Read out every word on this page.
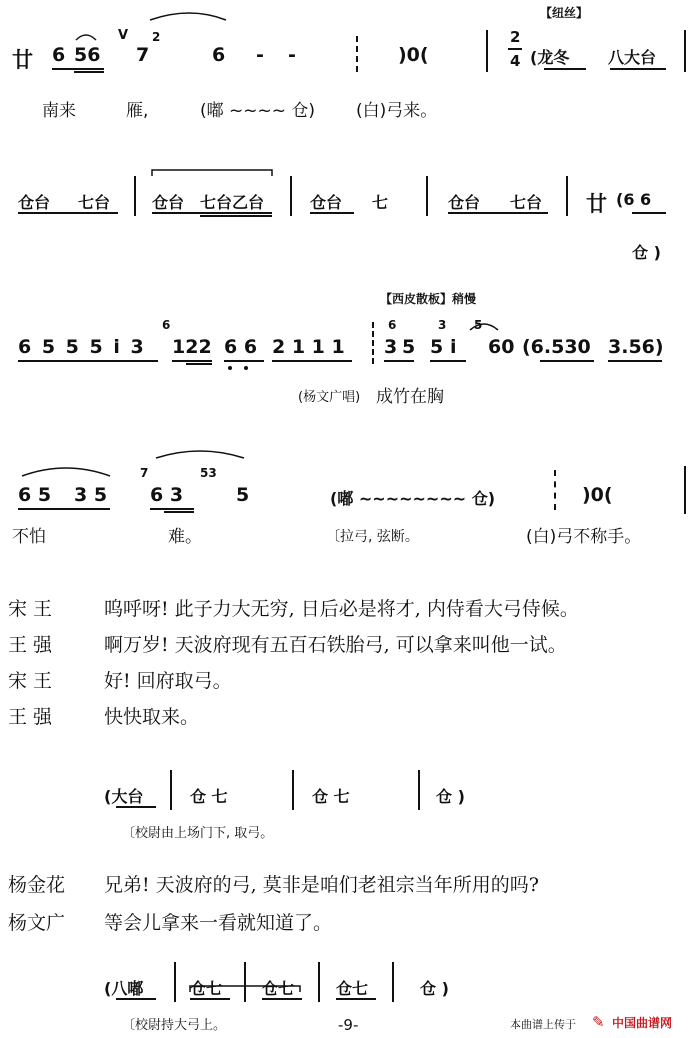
【纽丝】
廿 6 56
V
7
2
6 - -	)0(
2
4 (龙冬 八大台
南来	雁,	(嘟 ~~~~ 仓) (白)弓来。
仓台 七台	仓台 七台乙台	仓台 七	仓台 七台 廿 (6 6
仓 )
【西皮散板】稍慢
6 5 5 5 i 3
6
122 6 6 2 1 1 1
6
3 5
3
5 i
5
60 (6.530 3.56)
(杨文广唱) 成竹在胸
6 5 3 5
7
6 3
53
5	(嘟 ~~~~~~~~ 仓)	)0(
不怕	难。	〔拉弓, 弦断。	(白)弓不称手。
宋 王	呜呼呀! 此子力大无穷, 日后必是将才, 内侍看大弓侍候。
王 强	啊万岁! 天波府现有五百石铁胎弓, 可以拿来叫他一试。
宋 王	好! 回府取弓。
王 强	快快取来。
(大台	仓 七	仓 七	仓 )
〔校尉由上场门下, 取弓。
杨金花 兄弟! 天波府的弓, 莫非是咱们老祖宗当年所用的吗?
杨文广 等会儿拿来一看就知道了。
(八嘟	仓七 仓七	仓七	仓 )
〔校尉持大弓上。	-9-	本曲谱上传于 ✎ 中国曲谱网
